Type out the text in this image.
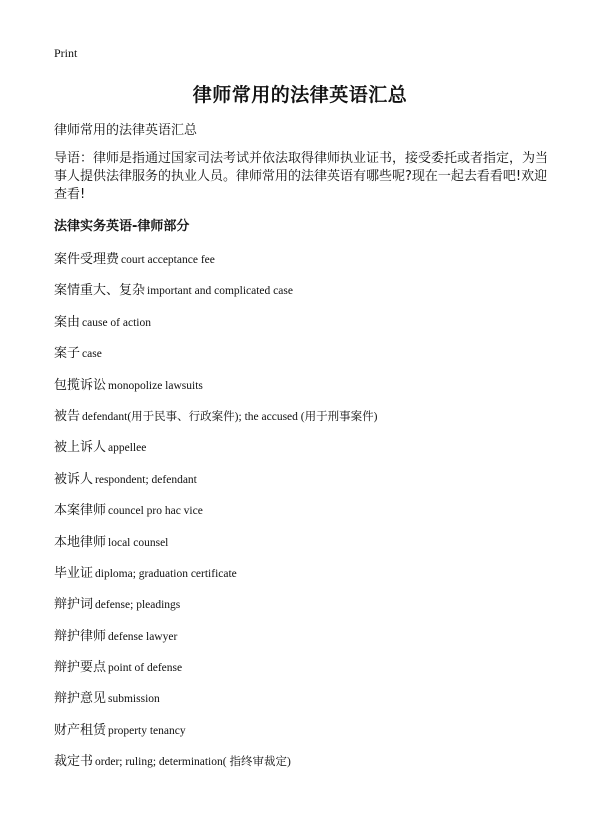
Print
律师常用的法律英语汇总

律师常用的法律英语汇总

导语：律师是指通过国家司法考试并依法取得律师执业证书，接受委托或者指定，为当事人提供法律服务的执业人员。律师常用的法律英语有哪些呢?现在一起去看看吧!欢迎查看!

法律实务英语-律师部分

案件受理费 court acceptance fee
案情重大、复杂 important and complicated case
案由 cause of action
案子 case
包揽诉讼 monopolize lawsuits
被告 defendant(用于民事、行政案件); the accused (用于刑事案件)
被上诉人 appellee
被诉人 respondent; defendant
本案律师 councel pro hac vice
本地律师 local counsel
毕业证 diploma; graduation certificate
辩护词 defense; pleadings
辩护律师 defense lawyer
辩护要点 point of defense
辩护意见 submission
财产租赁 property tenancy
裁定书 order; ruling; determination( 指终审裁定)
